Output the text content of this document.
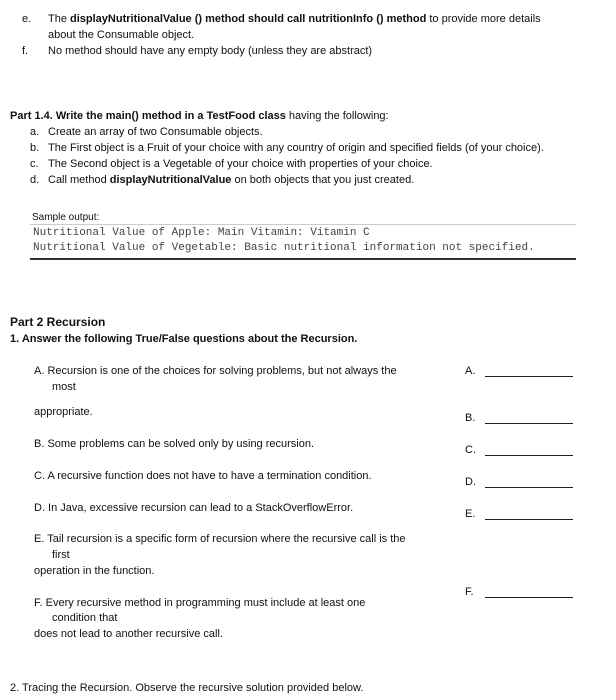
e. The displayNutritionalValue () method should call nutritionInfo () method to provide more details
about the Consumable object.
f. No method should have any empty body (unless they are abstract)
Part 1.4. Write the main() method in a TestFood class having the following:
a. Create an array of two Consumable objects.
b. The First object is a Fruit of your choice with any country of origin and specified fields (of your choice).
c. The Second object is a Vegetable of your choice with properties of your choice.
d. Call method displayNutritionalValue on both objects that you just created.
Sample output:
Nutritional Value of Apple: Main Vitamin: Vitamin C
Nutritional Value of Vegetable: Basic nutritional information not specified.
Part 2 Recursion
1. Answer the following True/False questions about the Recursion.
A. Recursion is one of the choices for solving problems, but not always the
most
appropriate.
B. Some problems can be solved only by using recursion.
C. A recursive function does not have to have a termination condition.
D. In Java, excessive recursion can lead to a StackOverflowError.
E. Tail recursion is a specific form of recursion where the recursive call is the
first
operation in the function.
F. Every recursive method in programming must include at least one
condition that
does not lead to another recursive call.
A.
B.
C.
D.
E.
F.
2. Tracing the Recursion. Observe the recursive solution provided below.
